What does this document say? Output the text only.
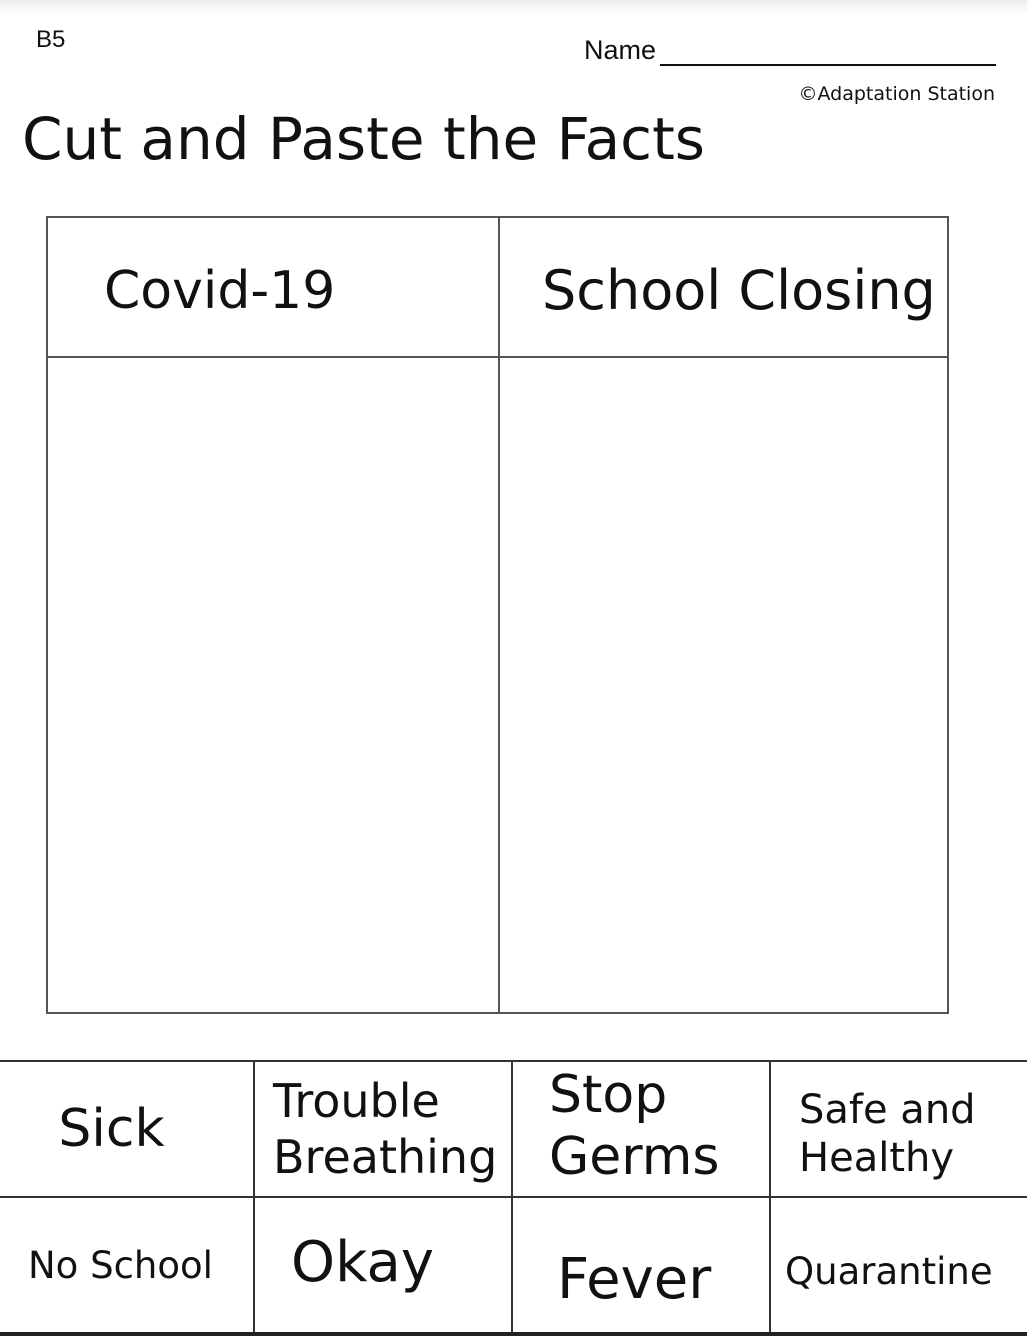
B5	Name
©Adaptation Station
Cut and Paste the Facts
Covid-19	School Closing
Sick Trouble
Breathing
Stop
Germs
Safe and
Healthy
No School Okay Fever Quarantine
